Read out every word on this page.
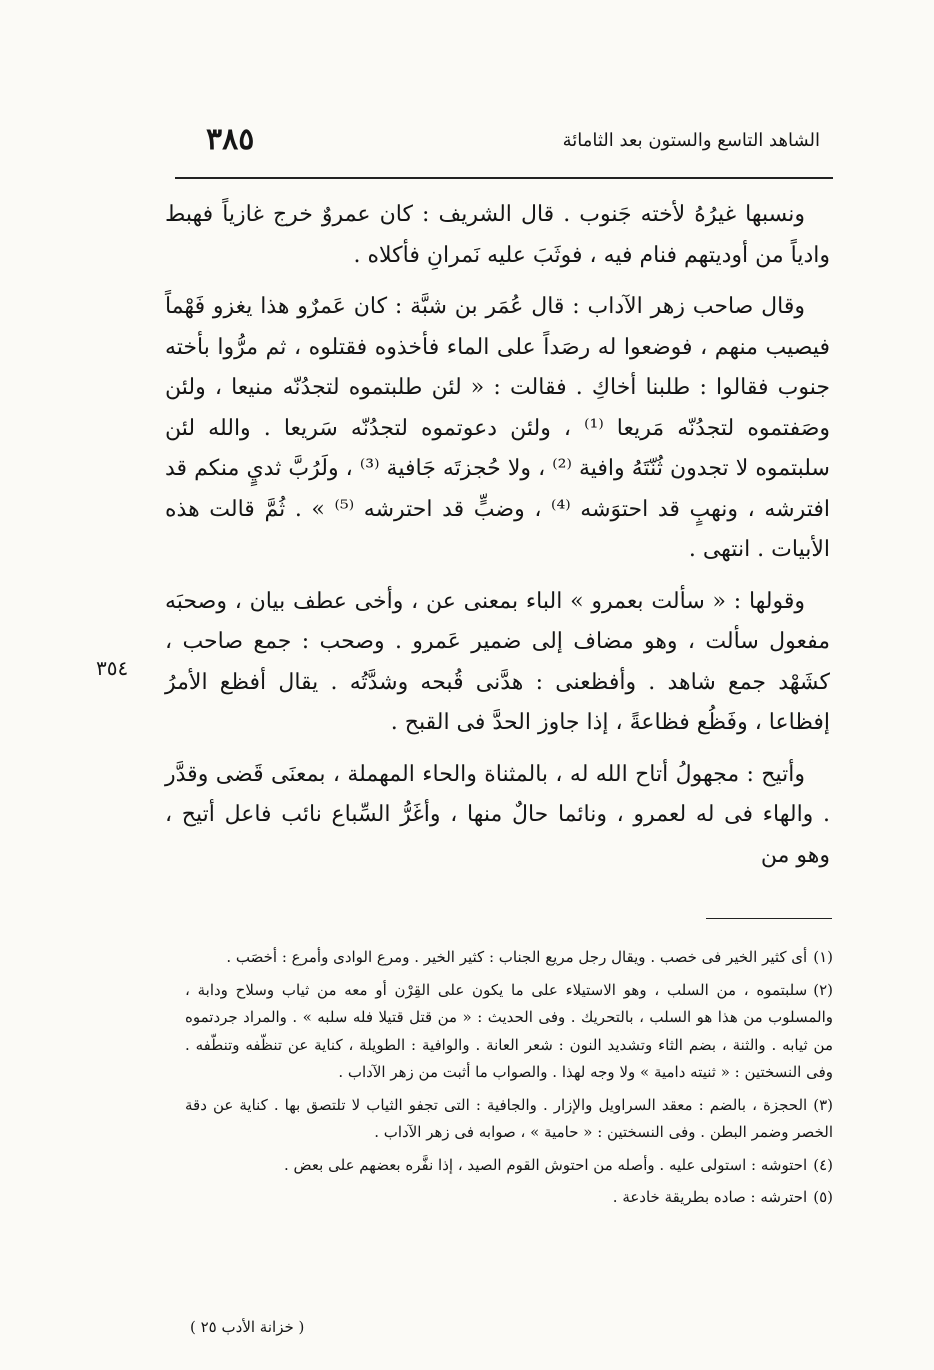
الشاهد التاسع والستون بعد الثامائة
٣٨٥

ونسبها غيرُهُ لأخته جَنوب . قال الشريف : كان عمروٌ خرج غازياً فهبط وادياً من أوديتهم فنام فيه ، فوثَبَ عليه نَمرانِ فأكلاه .

وقال صاحب زهر الآداب : قال عُمَر بن شبَّة : كان عَمرٌو هذا يغزو فَهْماً فيصيب منهم ، فوضعوا له رصَداً على الماء فأخذوه فقتلوه ، ثم مرُّوا بأخته جنوب فقالوا : طلبنا أخاكِ . فقالت : « لئن طلبتموه لتجدُنّه منيعا ، ولئن وصَفتموه لتجدُنّه مَريعا ⁽¹⁾ ، ولئن دعوتموه لتجدُنّه سَريعا . والله لئن سلبتموه لا تجدون ثُنّتَهُ وافية ⁽²⁾ ، ولا حُجزتَه جَافية ⁽³⁾ ، ولَرُبَّ ثديٍ منكم قد افترشه ، ونهبٍ قد احتوَشه ⁽⁴⁾ ، وضبٍّ قد احترشه ⁽⁵⁾ » . ثُمَّ قالت هذه الأبيات . انتهى .

وقولها : « سألت بعمرو » الباء بمعنى عن ، وأخى عطف بيان ، وصحبَه مفعول سألت ، وهو مضاف إلى ضمير عَمرو . وصحب : جمع صاحب ، كشَهْد جمع شاهد . وأفظعنى : هدَّنى قُبحه وشدَّتُه . يقال أفظع الأمرُ إفظاعا ، وفَظُع فظاعةً ، إذا جاوز الحدَّ فى القبح .

وأتيح : مجهولُ أتاح الله له ، بالمثناة والحاء المهملة ، بمعنَى قَضى وقدَّر . والهاء فى له لعمرو ، ونائما حالٌ منها ، وأغَرُّ السِّباع نائب فاعل أتيح ، وهو من

٣٥٤

(١)أى كثير الخير فى خصب . ويقال رجل مريع الجناب : كثير الخير . ومرع الوادى وأمرع : أخصَب .

(٢)سلبتموه ، من السلب ، وهو الاستيلاء على ما يكون على القِرْن أو معه من ثياب وسلاح ودابة ، والمسلوب من هذا هو السلب ، بالتحريك . وفى الحديث : « من قتل قتيلا فله سلبه » . والمراد جردتموه من ثيابه . والثنة ، بضم الثاء وتشديد النون : شعر العانة . والوافية : الطويلة ، كناية عن تنظّفه وتنطّفه . وفى النسختين : « ثنيته دامية » ولا وجه لهذا . والصواب ما أثبت من زهر الآداب .

(٣)الحجزة ، بالضم : معقد السراويل والإزار . والجافية : التى تجفو الثياب لا تلتصق بها . كناية عن دقة الخصر وضمر البطن . وفى النسختين : « حامية » ، صوابه فى زهر الآداب .

(٤)احتوشه : استولى عليه . وأصله من احتوش القوم الصيد ، إذا نفَّره بعضهم على بعض .

(٥)احترشه : صاده بطريقة خادعة .

( خزانة الأدب ٢٥ )
